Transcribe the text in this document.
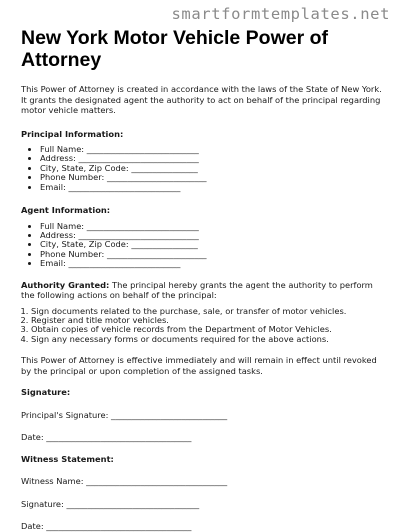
smartformtemplates.net

New York Motor Vehicle Power of Attorney

This Power of Attorney is created in accordance with the laws of the State of New York. It grants the designated agent the authority to act on behalf of the principal regarding motor vehicle matters.

Principal Information:

• Full Name: ___________________________
• Address: _____________________________
• City, State, Zip Code: ________________
• Phone Number: ________________________
• Email: ___________________________

Agent Information:

• Full Name: ___________________________
• Address: _____________________________
• City, State, Zip Code: ________________
• Phone Number: ________________________
• Email: ___________________________

Authority Granted: The principal hereby grants the agent the authority to perform the following actions on behalf of the principal:

1. Sign documents related to the purchase, sale, or transfer of motor vehicles.
2. Register and title motor vehicles.
3. Obtain copies of vehicle records from the Department of Motor Vehicles.
4. Sign any necessary forms or documents required for the above actions.

This Power of Attorney is effective immediately and will remain in effect until revoked by the principal or upon completion of the assigned tasks.

Signature:

Principal's Signature: ____________________________

Date: ___________________________________

Witness Statement:

Witness Name: __________________________________

Signature: ________________________________

Date: ___________________________________
